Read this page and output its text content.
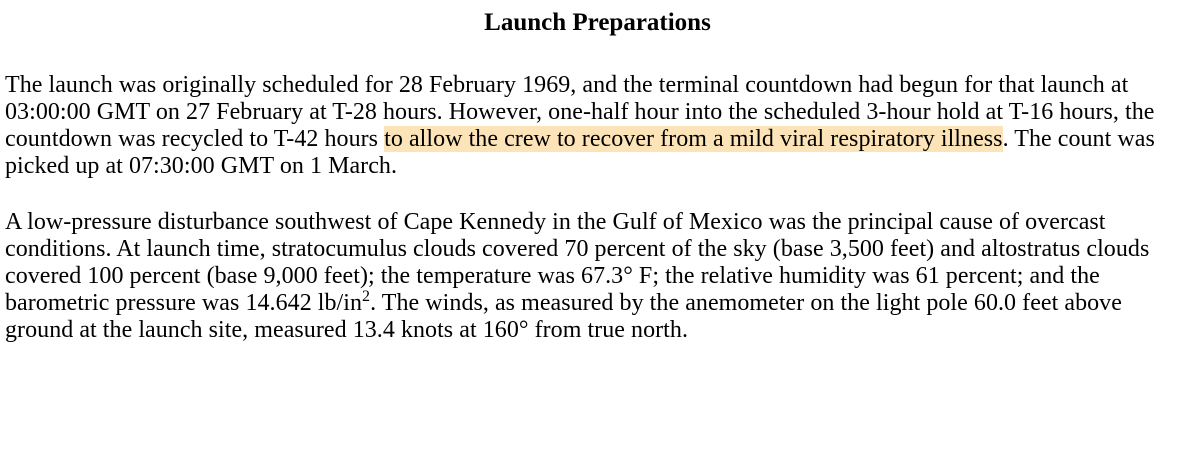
Launch Preparations

The launch was originally scheduled for 28 February 1969, and the terminal countdown had begun for that launch at 03:00:00 GMT on 27 February at T-28 hours. However, one-half hour into the scheduled 3-hour hold at T-16 hours, the countdown was recycled to T-42 hours to allow the crew to recover from a mild viral respiratory illness. The count was picked up at 07:30:00 GMT on 1 March.

A low-pressure disturbance southwest of Cape Kennedy in the Gulf of Mexico was the principal cause of overcast conditions. At launch time, stratocumulus clouds covered 70 percent of the sky (base 3,500 feet) and altostratus clouds covered 100 percent (base 9,000 feet); the temperature was 67.3° F; the relative humidity was 61 percent; and the barometric pressure was 14.642 $lb/in^2$. The winds, as measured by the anemometer on the light pole 60.0 feet above ground at the launch site, measured 13.4 knots at 160° from true north.
